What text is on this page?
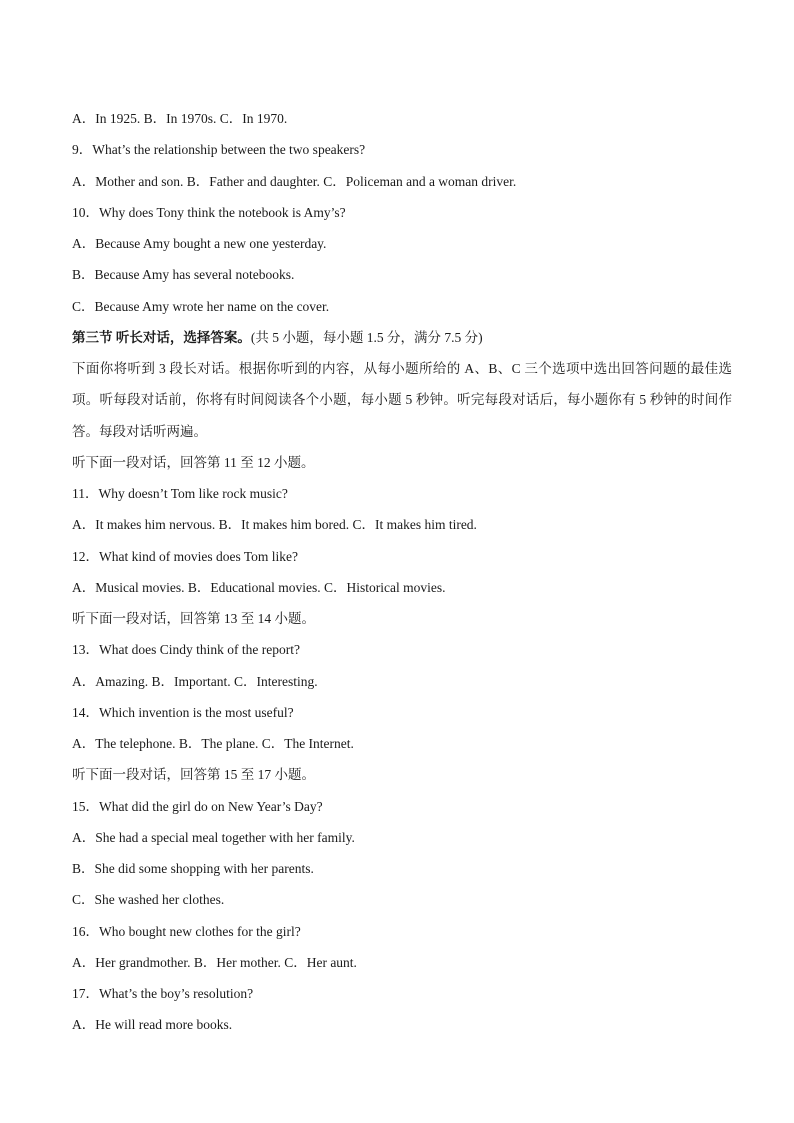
A．In 1925. B．In 1970s. C．In 1970.
9．What’s the relationship between the two speakers?
A．Mother and son. B．Father and daughter. C．Policeman and a woman driver.
10．Why does Tony think the notebook is Amy’s?
A．Because Amy bought a new one yesterday.
B．Because Amy has several notebooks.
C．Because Amy wrote her name on the cover.
第三节 听长对话，选择答案。(共 5 小题，每小题 1.5 分，满分 7.5 分)
下面你将听到 3 段长对话。根据你听到的内容，从每小题所给的 A、B、C 三个选项中选出回答问题的最佳选项。听每段对话前，你将有时间阅读各个小题，每小题 5 秒钟。听完每段对话后，每小题你有 5 秒钟的时间作答。每段对话听两遍。
听下面一段对话，回答第 11 至 12 小题。
11．Why doesn’t Tom like rock music?
A．It makes him nervous. B．It makes him bored. C．It makes him tired.
12．What kind of movies does Tom like?
A．Musical movies. B．Educational movies. C．Historical movies.
听下面一段对话，回答第 13 至 14 小题。
13．What does Cindy think of the report?
A．Amazing. B．Important. C．Interesting.
14．Which invention is the most useful?
A．The telephone. B．The plane. C．The Internet.
听下面一段对话，回答第 15 至 17 小题。
15．What did the girl do on New Year’s Day?
A．She had a special meal together with her family.
B．She did some shopping with her parents.
C．She washed her clothes.
16．Who bought new clothes for the girl?
A．Her grandmother. B．Her mother. C．Her aunt.
17．What’s the boy’s resolution?
A．He will read more books.
